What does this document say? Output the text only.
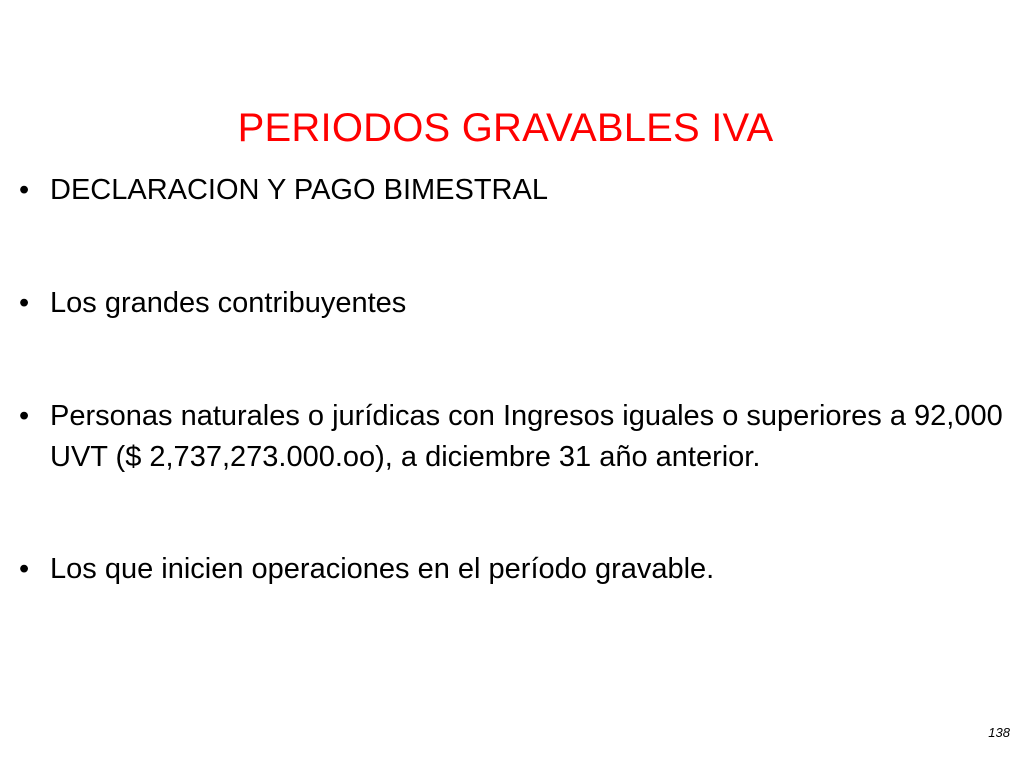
PERIODOS GRAVABLES IVA
• DECLARACION Y PAGO BIMESTRAL
• Los grandes contribuyentes
• Personas naturales o jurídicas con Ingresos iguales o superiores a 92,000 UVT ($ 2,737,273.000.oo), a diciembre 31 año anterior.
• Los que inicien operaciones en el período gravable.
138
